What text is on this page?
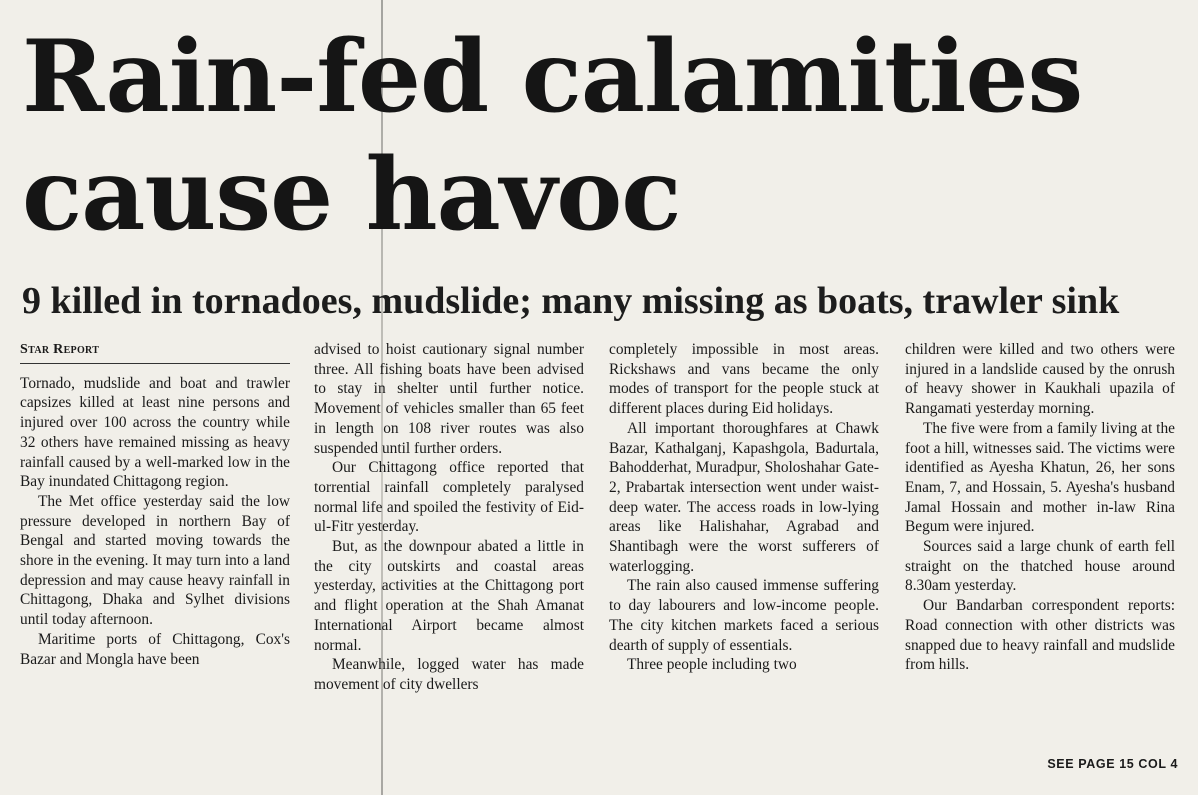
Rain-fed calamities
cause havoc
9 killed in tornadoes, mudslide; many missing as boats, trawler sink

Star Report

Tornado, mudslide and boat and trawler capsizes killed at least nine persons and injured over 100 across the country while 32 others have remained missing as heavy rainfall caused by a well-marked low in the Bay inundated Chittagong region.

The Met office yesterday said the low pressure developed in northern Bay of Bengal and started moving towards the shore in the evening. It may turn into a land depression and may cause heavy rainfall in Chittagong, Dhaka and Sylhet divisions until today afternoon.

Maritime ports of Chittagong, Cox's Bazar and Mongla have been

advised to hoist cautionary signal number three. All fishing boats have been advised to stay in shelter until further notice. Movement of vehicles smaller than 65 feet in length on 108 river routes was also suspended until further orders.

Our Chittagong office reported that torrential rainfall completely paralysed normal life and spoiled the festivity of Eid-ul-Fitr yesterday.

But, as the downpour abated a little in the city outskirts and coastal areas yesterday, activities at the Chittagong port and flight operation at the Shah Amanat International Airport became almost normal.

Meanwhile, logged water has made movement of city dwellers

completely impossible in most areas. Rickshaws and vans became the only modes of transport for the people stuck at different places during Eid holidays.

All important thoroughfares at Chawk Bazar, Kathalganj, Kapashgola, Badurtala, Bahodderhat, Muradpur, Sholoshahar Gate-2, Prabartak intersection went under waist-deep water. The access roads in low-lying areas like Halishahar, Agrabad and Shantibagh were the worst sufferers of waterlogging.

The rain also caused immense suffering to day labourers and low-income people. The city kitchen markets faced a serious dearth of supply of essentials.

Three people including two

children were killed and two others were injured in a landslide caused by the onrush of heavy shower in Kaukhali upazila of Rangamati yesterday morning.

The five were from a family living at the foot a hill, witnesses said. The victims were identified as Ayesha Khatun, 26, her sons Enam, 7, and Hossain, 5. Ayesha's husband Jamal Hossain and mother in-law Rina Begum were injured.

Sources said a large chunk of earth fell straight on the thatched house around 8.30am yesterday.

Our Bandarban correspondent reports: Road connection with other districts was snapped due to heavy rainfall and mudslide from hills.

SEE PAGE 15 COL 4
